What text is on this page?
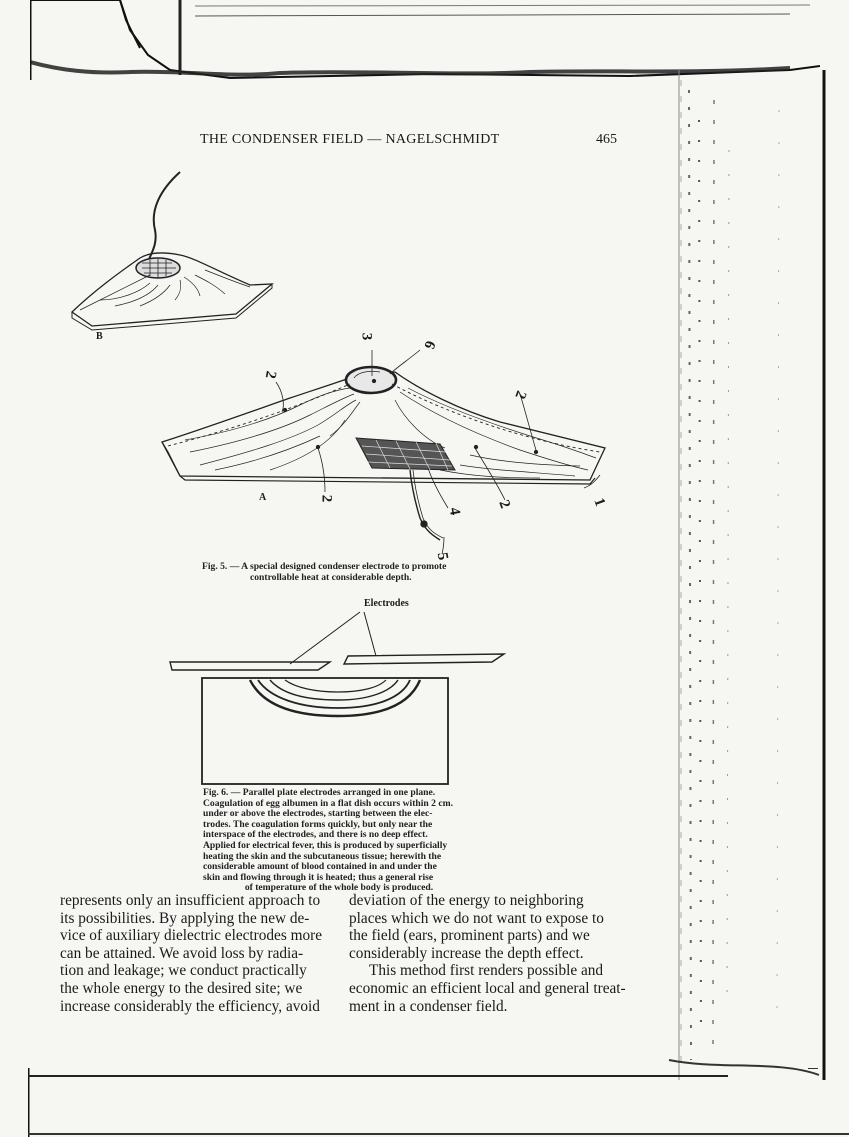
THE CONDENSER FIELD — NAGELSCHMIDT	465
B
A
3
6
2
2
2	2
4
5
1
Fig. 5. — A special designed condenser electrode to promote
controllable heat at considerable depth.
Electrodes
Fig. 6. — Parallel plate electrodes arranged in one plane.
Coagulation of egg albumen in a flat dish occurs within 2 cm.
under or above the electrodes, starting between the elec-
trodes. The coagulation forms quickly, but only near the
interspace of the electrodes, and there is no deep effect.
Applied for electrical fever, this is produced by superficially
heating the skin and the subcutaneous tissue; herewith the
considerable amount of blood contained in and under the
skin and flowing through it is heated; thus a general rise
of temperature of the whole body is produced.
represents only an insufficient approach to
its possibilities. By applying the new de-
vice of auxiliary dielectric electrodes more
can be attained. We avoid loss by radia-
tion and leakage; we conduct practically
the whole energy to the desired site; we
increase considerably the efficiency, avoid
deviation of the energy to neighboring
places which we do not want to expose to
the field (ears, prominent parts) and we
considerably increase the depth effect.
This method first renders possible and
economic an efficient local and general treat-
ment in a condenser field.
